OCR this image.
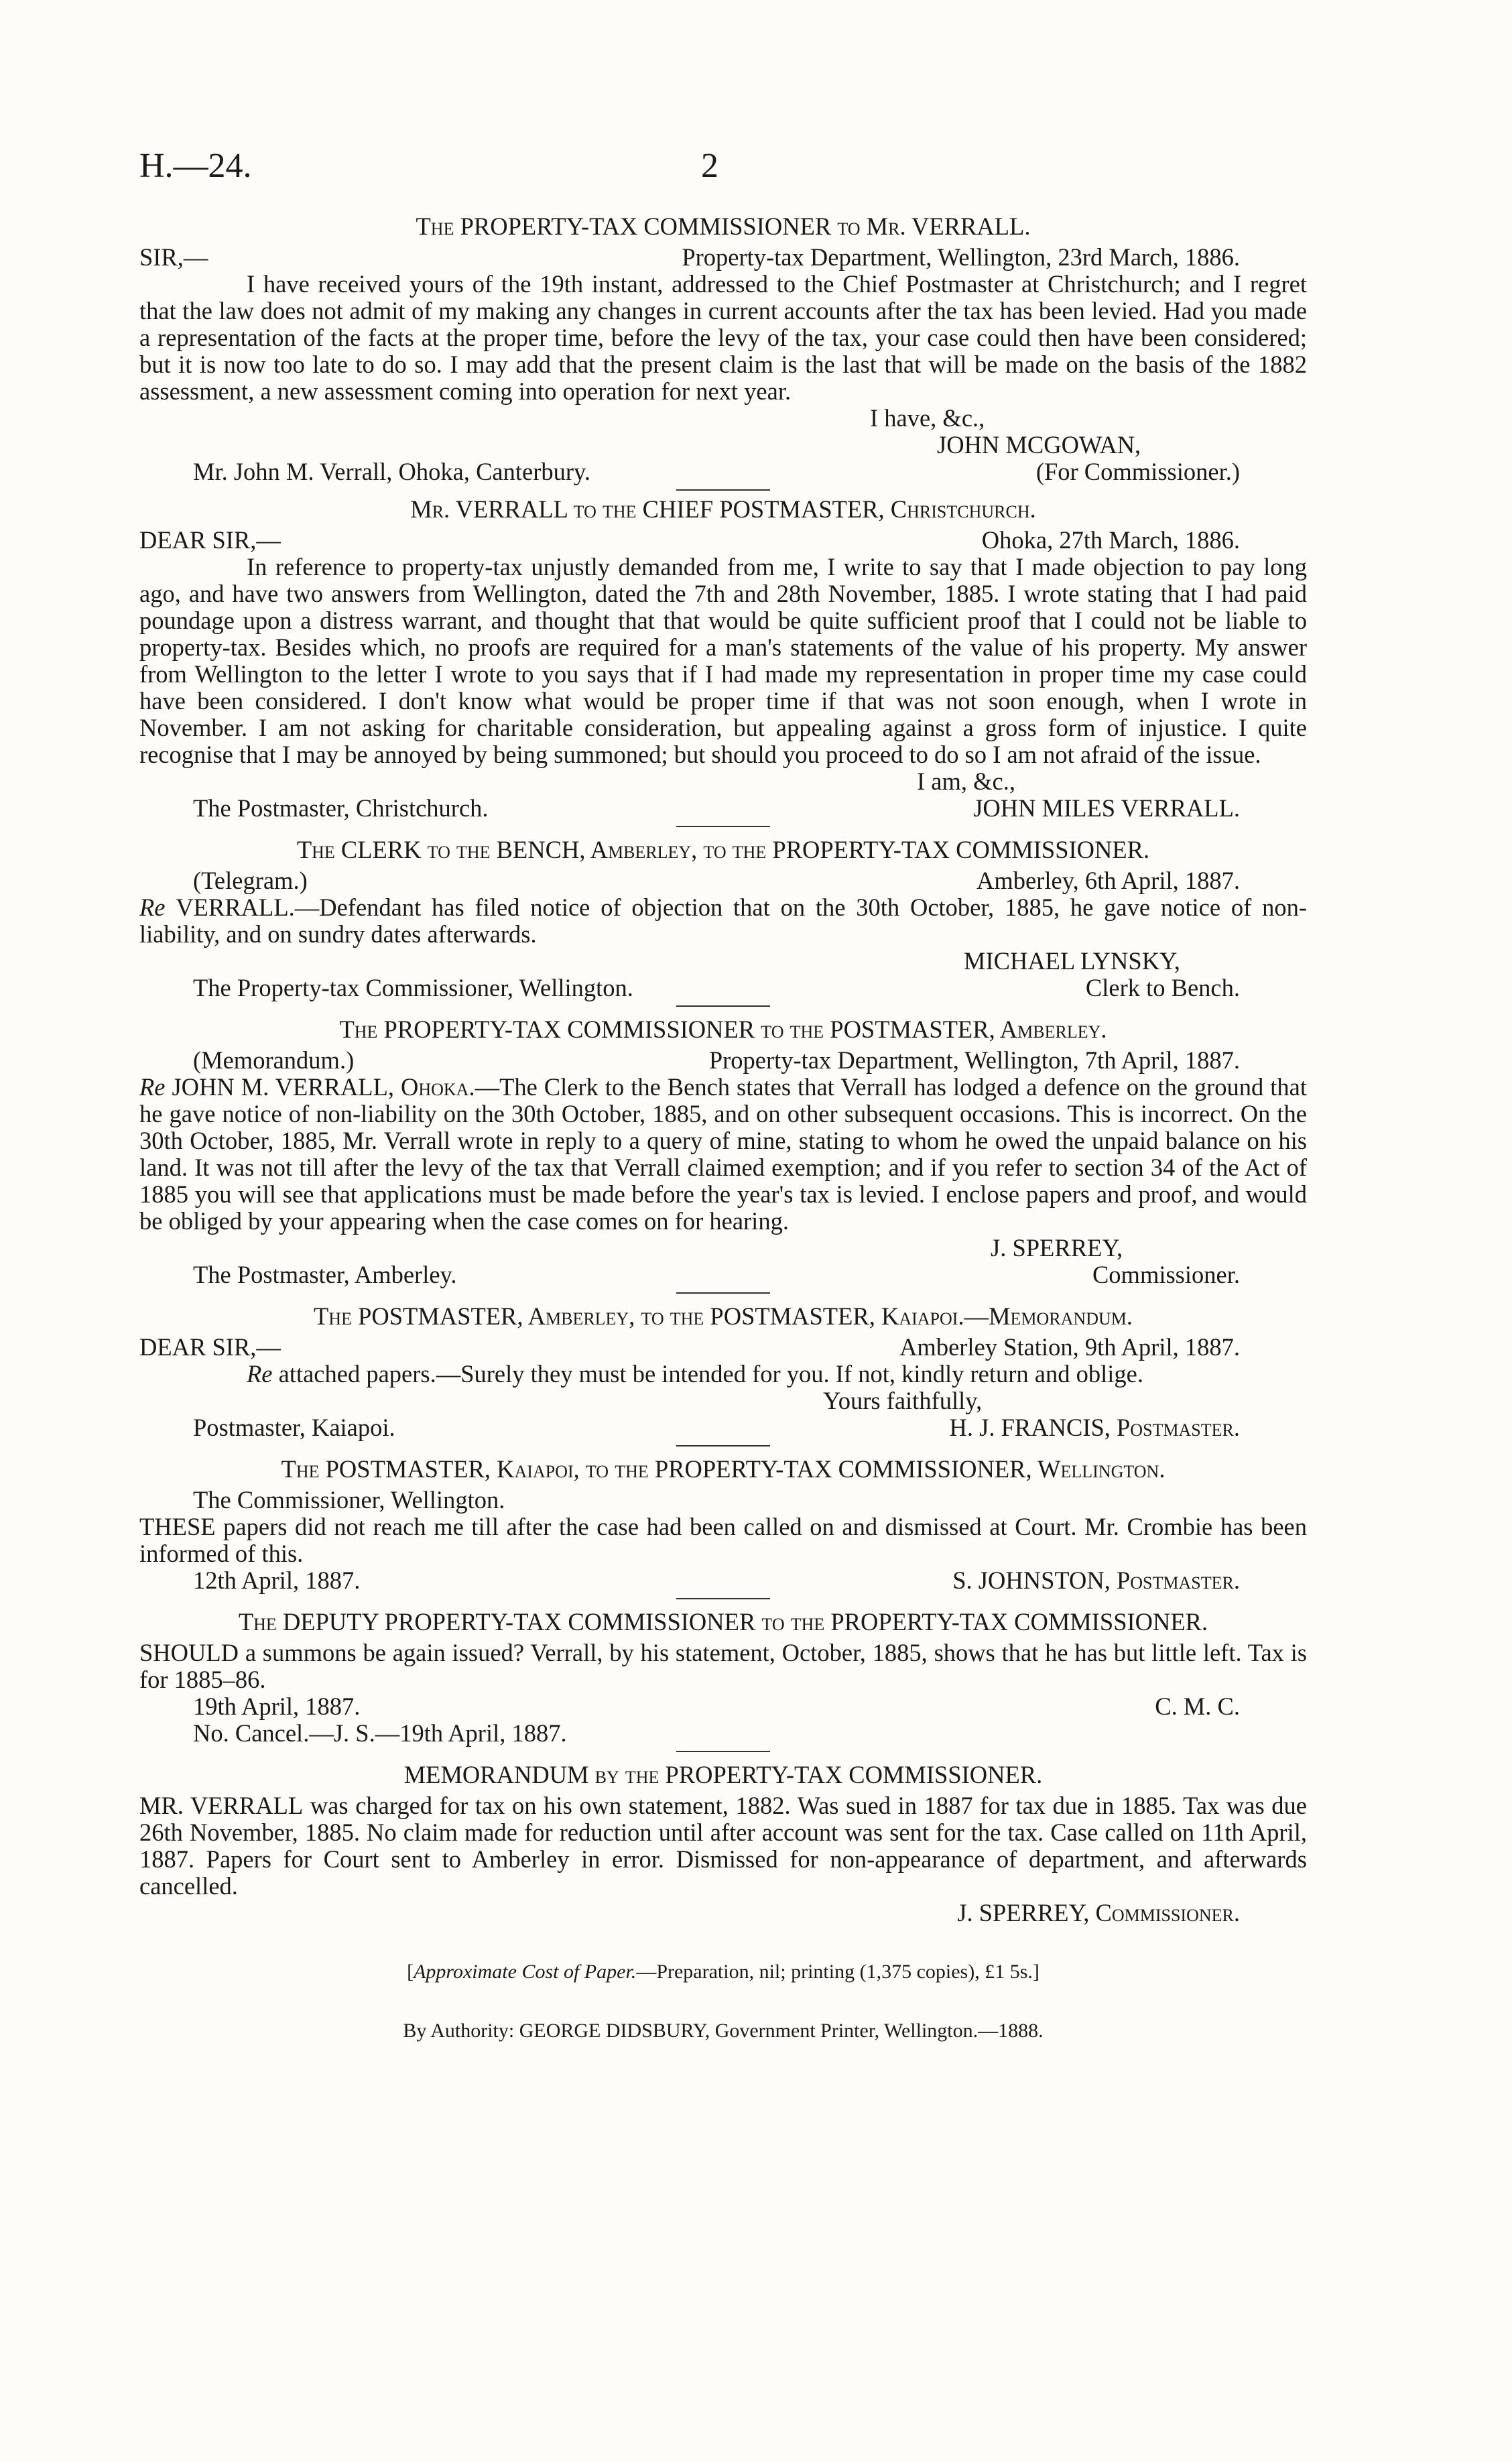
H.—24.	2
The PROPERTY-TAX COMMISSIONER to Mr. VERRALL.
SIR,—	Property-tax Department, Wellington, 23rd March, 1886.

I have received yours of the 19th instant, addressed to the Chief Postmaster at Christchurch; and I regret that the law does not admit of my making any changes in current accounts after the tax has been levied. Had you made a representation of the facts at the proper time, before the levy of the tax, your case could then have been considered; but it is now too late to do so. I may add that the present claim is the last that will be made on the basis of the 1882 assessment, a new assessment coming into operation for next year.

I have, &c.,
JOHN MCGOWAN,
Mr. John M. Verrall, Ohoka, Canterbury.	(For Commissioner.)
Mr. VERRALL to the CHIEF POSTMASTER, Christchurch.
DEAR SIR,—	Ohoka, 27th March, 1886.

In reference to property-tax unjustly demanded from me, I write to say that I made objection to pay long ago, and have two answers from Wellington, dated the 7th and 28th November, 1885. I wrote stating that I had paid poundage upon a distress warrant, and thought that that would be quite sufficient proof that I could not be liable to property-tax. Besides which, no proofs are required for a man's statements of the value of his property. My answer from Wellington to the letter I wrote to you says that if I had made my representation in proper time my case could have been considered. I don't know what would be proper time if that was not soon enough, when I wrote in November. I am not asking for charitable consideration, but appealing against a gross form of injustice. I quite recognise that I may be annoyed by being summoned; but should you proceed to do so I am not afraid of the issue.

I am, &c.,
The Postmaster, Christchurch.	JOHN MILES VERRALL.
The CLERK to the BENCH, Amberley, to the PROPERTY-TAX COMMISSIONER.
(Telegram.)	Amberley, 6th April, 1887.

Re VERRALL.—Defendant has filed notice of objection that on the 30th October, 1885, he gave notice of non-liability, and on sundry dates afterwards.

MICHAEL LYNSKY,
The Property-tax Commissioner, Wellington.	Clerk to Bench.
The PROPERTY-TAX COMMISSIONER to the POSTMASTER, Amberley.
(Memorandum.)	Property-tax Department, Wellington, 7th April, 1887.

Re JOHN M. VERRALL, Ohoka.—The Clerk to the Bench states that Verrall has lodged a defence on the ground that he gave notice of non-liability on the 30th October, 1885, and on other subsequent occasions. This is incorrect. On the 30th October, 1885, Mr. Verrall wrote in reply to a query of mine, stating to whom he owed the unpaid balance on his land. It was not till after the levy of the tax that Verrall claimed exemption; and if you refer to section 34 of the Act of 1885 you will see that applications must be made before the year's tax is levied. I enclose papers and proof, and would be obliged by your appearing when the case comes on for hearing.

J. SPERREY,
The Postmaster, Amberley.	Commissioner.
The POSTMASTER, Amberley, to the POSTMASTER, Kaiapoi.—Memorandum.
DEAR SIR,—	Amberley Station, 9th April, 1887.

Re attached papers.—Surely they must be intended for you. If not, kindly return and oblige.

Yours faithfully,
Postmaster, Kaiapoi.	H. J. FRANCIS, Postmaster.
The POSTMASTER, Kaiapoi, to the PROPERTY-TAX COMMISSIONER, Wellington.
The Commissioner, Wellington.

THESE papers did not reach me till after the case had been called on and dismissed at Court. Mr. Crombie has been informed of this.

12th April, 1887.	S. JOHNSTON, Postmaster.
The DEPUTY PROPERTY-TAX COMMISSIONER to the PROPERTY-TAX COMMISSIONER.

SHOULD a summons be again issued? Verrall, by his statement, October, 1885, shows that he has but little left. Tax is for 1885–86.

19th April, 1887.	C. M. C.
No. Cancel.—J. S.—19th April, 1887.
MEMORANDUM by the PROPERTY-TAX COMMISSIONER.

MR. VERRALL was charged for tax on his own statement, 1882. Was sued in 1887 for tax due in 1885. Tax was due 26th November, 1885. No claim made for reduction until after account was sent for the tax. Case called on 11th April, 1887. Papers for Court sent to Amberley in error. Dismissed for non-appearance of department, and afterwards cancelled.

J. SPERREY, Commissioner.
[Approximate Cost of Paper.—Preparation, nil; printing (1,375 copies), £1 5s.]
By Authority: GEORGE DIDSBURY, Government Printer, Wellington.—1888.
